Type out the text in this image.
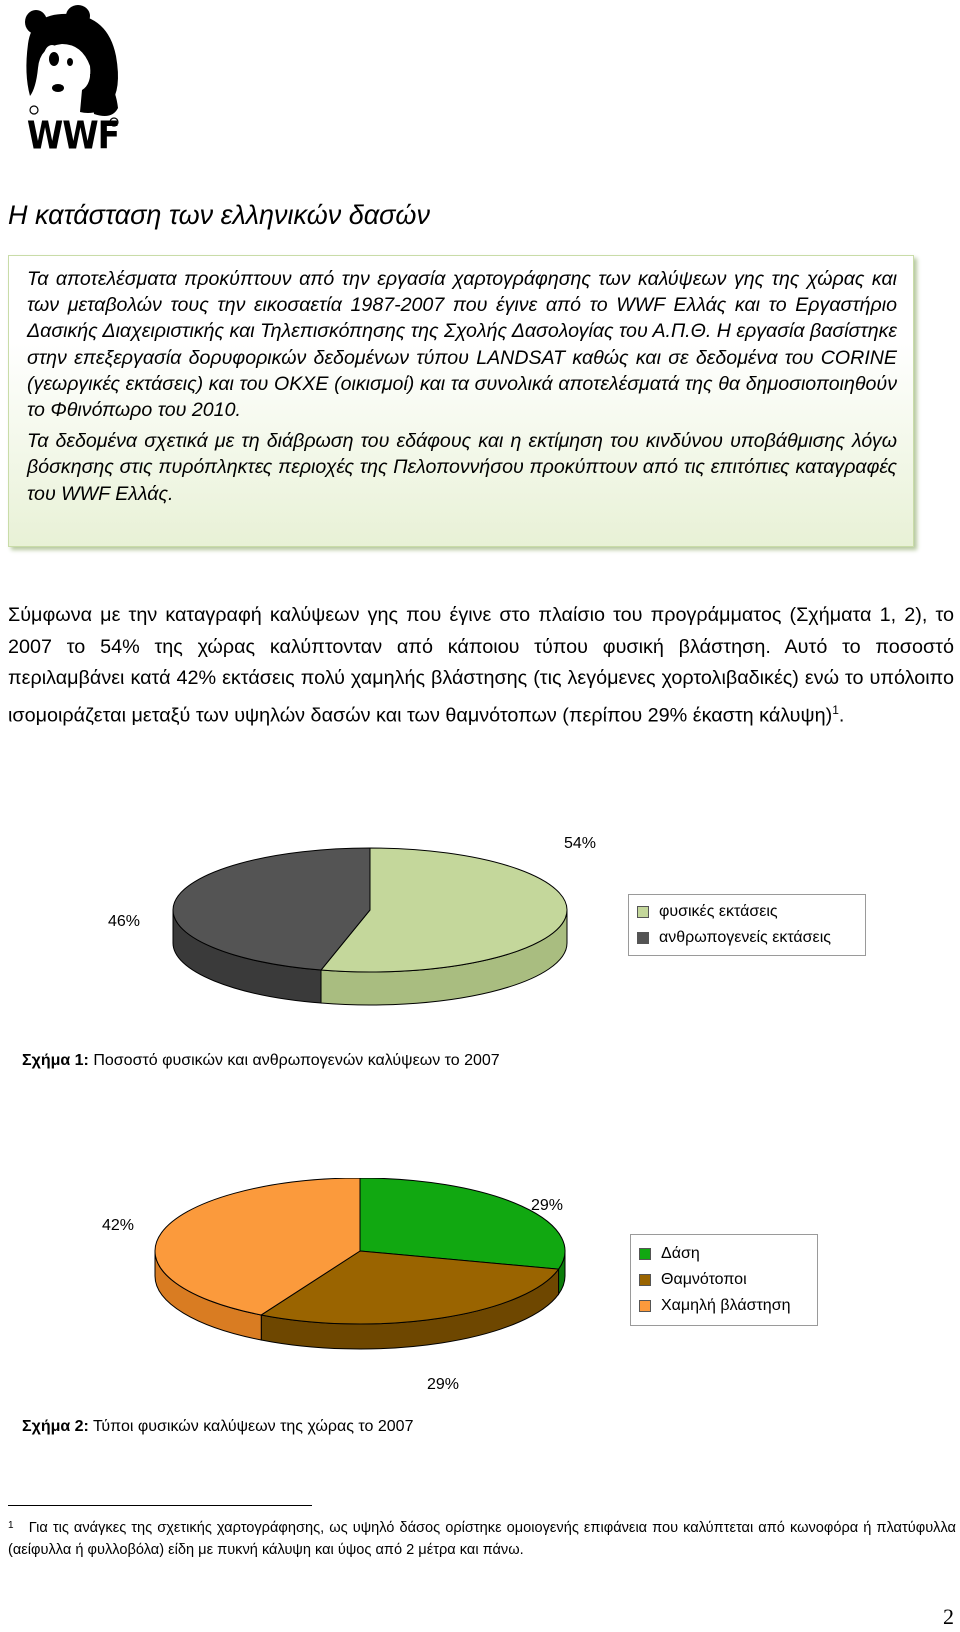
WWF
Η κατάσταση των ελληνικών δασών

Τα αποτελέσματα προκύπτουν από την εργασία χαρτογράφησης των καλύψεων γης της χώρας και των μεταβολών τους την εικοσαετία 1987-2007 που έγινε από το WWF Ελλάς και το Εργαστήριο Δασικής Διαχειριστικής και Τηλεπισκόπησης της Σχολής Δασολογίας του Α.Π.Θ. Η εργασία βασίστηκε στην επεξεργασία δορυφορικών δεδομένων τύπου LANDSAT καθώς και σε δεδομένα του CORINE (γεωργικές εκτάσεις) και του ΟΚΧΕ (οικισμοί) και τα συνολικά αποτελέσματά της θα δημοσιοποιηθούν το Φθινόπωρο του 2010.

Τα δεδομένα σχετικά με τη διάβρωση του εδάφους και η εκτίμηση του κινδύνου υποβάθμισης λόγω βόσκησης στις πυρόπληκτες περιοχές της Πελοποννήσου προκύπτουν από τις επιτόπιες καταγραφές του WWF Ελλάς.

Σύμφωνα με την καταγραφή καλύψεων γης που έγινε στο πλαίσιο του προγράμματος (Σχήματα 1, 2), το 2007 το 54% της χώρας καλύπτονταν από κάποιου τύπου φυσική βλάστηση. Αυτό το ποσοστό περιλαμβάνει κατά 42% εκτάσεις πολύ χαμηλής βλάστησης (τις λεγόμενες χορτολιβαδικές) ενώ το υπόλοιπο ισομοιράζεται μεταξύ των υψηλών δασών και των θαμνότοπων (περίπου 29% έκαστη κάλυψη)$^1$.

54%
46%
φυσικές εκτάσεις
ανθρωπογενείς εκτάσεις

Σχήμα 1: Ποσοστό φυσικών και ανθρωπογενών καλύψεων το 2007

29%
29%
42%
Δάση
Θαμνότοποι
Χαμηλή βλάστηση

Σχήμα 2: Τύποι φυσικών καλύψεων της χώρας το 2007

$^1$ Για τις ανάγκες της σχετικής χαρτογράφησης, ως υψηλό δάσος ορίστηκε ομοιογενής επιφάνεια που καλύπτεται από κωνοφόρα ή πλατύφυλλα (αείφυλλα ή φυλλοβόλα) είδη με πυκνή κάλυψη και ύψος από 2 μέτρα και πάνω.

2
